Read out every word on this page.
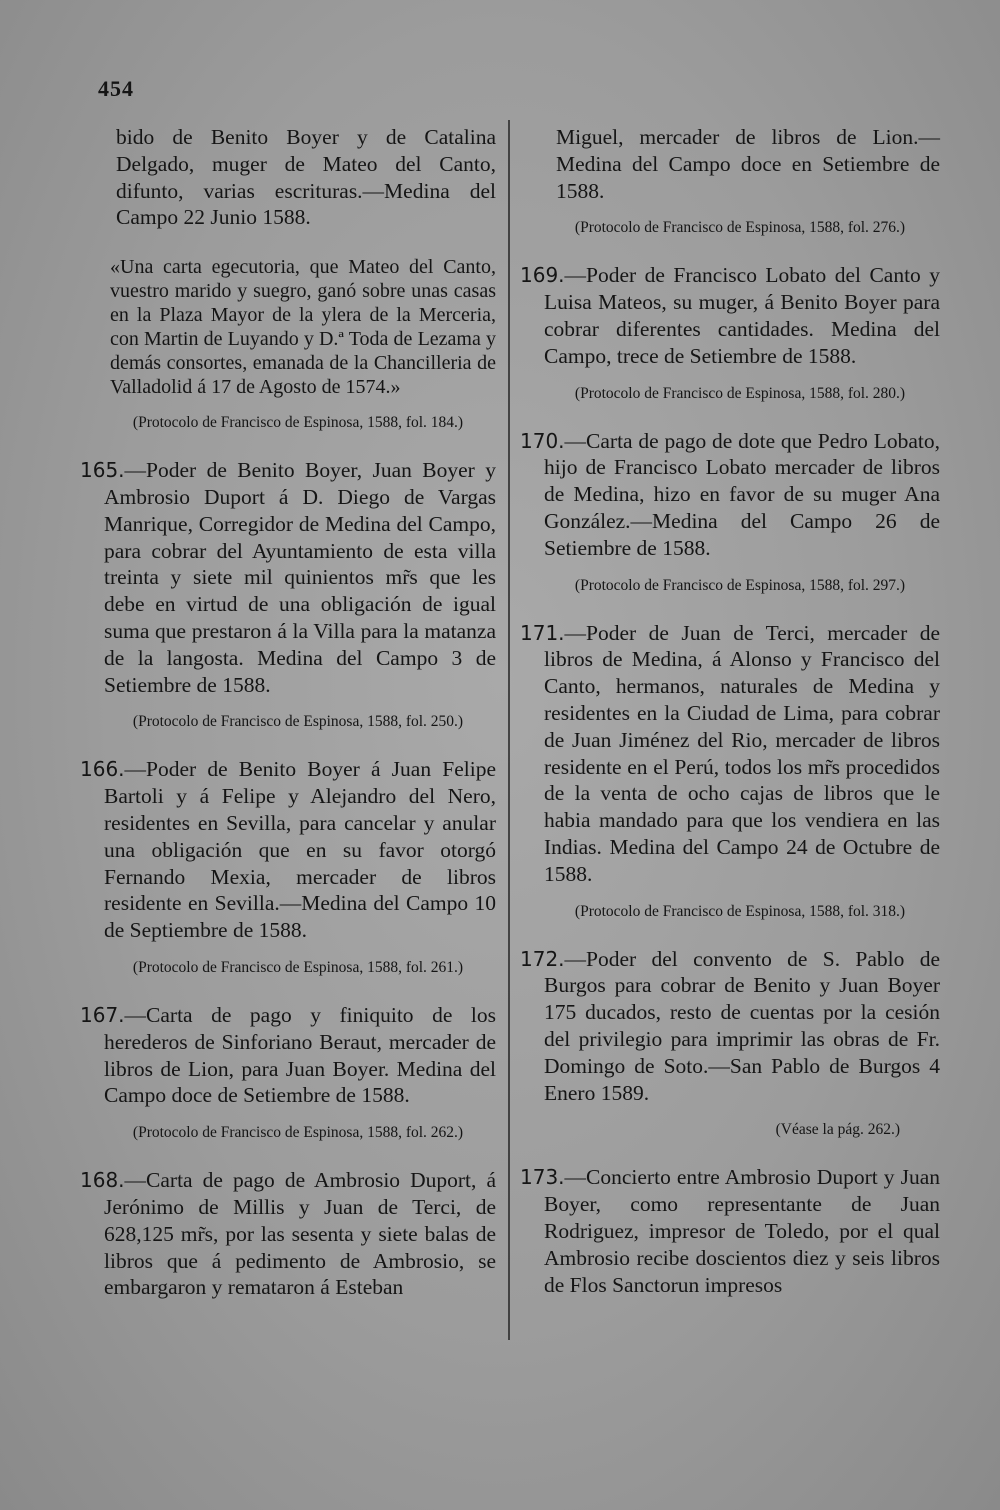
454

bido de Benito Boyer y de Catalina Delgado, muger de Mateo del Canto, difunto, varias escrituras.—Medina del Campo 22 Junio 1588.

«Una carta egecutoria, que Mateo del Canto, vuestro marido y suegro, ganó sobre unas casas en la Plaza Mayor de la ylera de la Merceria, con Martin de Luyando y D.ª Toda de Lezama y demás consortes, emanada de la Chancilleria de Valladolid á 17 de Agosto de 1574.»

(Protocolo de Francisco de Espinosa, 1588, fol. 184.)

165.—Poder de Benito Boyer, Juan Boyer y Ambrosio Duport á D. Diego de Vargas Manrique, Corregidor de Medina del Campo, para cobrar del Ayuntamiento de esta villa treinta y siete mil quinientos mr̃s que les debe en virtud de una obligación de igual suma que prestaron á la Villa para la matanza de la langosta. Medina del Campo 3 de Setiembre de 1588.

(Protocolo de Francisco de Espinosa, 1588, fol. 250.)

166.—Poder de Benito Boyer á Juan Felipe Bartoli y á Felipe y Alejandro del Nero, residentes en Sevilla, para cancelar y anular una obligación que en su favor otorgó Fernando Mexia, mercader de libros residente en Sevilla.—Medina del Campo 10 de Septiembre de 1588.

(Protocolo de Francisco de Espinosa, 1588, fol. 261.)

167.—Carta de pago y finiquito de los herederos de Sinforiano Beraut, mercader de libros de Lion, para Juan Boyer. Medina del Campo doce de Setiembre de 1588.

(Protocolo de Francisco de Espinosa, 1588, fol. 262.)

168.—Carta de pago de Ambrosio Duport, á Jerónimo de Millis y Juan de Terci, de 628,125 mr̃s, por las sesenta y siete balas de libros que á pedimento de Ambrosio, se embargaron y remataron á Esteban

Miguel, mercader de libros de Lion.—Medina del Campo doce en Setiembre de 1588.

(Protocolo de Francisco de Espinosa, 1588, fol. 276.)

169.—Poder de Francisco Lobato del Canto y Luisa Mateos, su muger, á Benito Boyer para cobrar diferentes cantidades. Medina del Campo, trece de Setiembre de 1588.

(Protocolo de Francisco de Espinosa, 1588, fol. 280.)

170.—Carta de pago de dote que Pedro Lobato, hijo de Francisco Lobato mercader de libros de Medina, hizo en favor de su muger Ana González.—Medina del Campo 26 de Setiembre de 1588.

(Protocolo de Francisco de Espinosa, 1588, fol. 297.)

171.—Poder de Juan de Terci, mercader de libros de Medina, á Alonso y Francisco del Canto, hermanos, naturales de Medina y residentes en la Ciudad de Lima, para cobrar de Juan Jiménez del Rio, mercader de libros residente en el Perú, todos los mr̃s procedidos de la venta de ocho cajas de libros que le habia mandado para que los vendiera en las Indias. Medina del Campo 24 de Octubre de 1588.

(Protocolo de Francisco de Espinosa, 1588, fol. 318.)

172.—Poder del convento de S. Pablo de Burgos para cobrar de Benito y Juan Boyer 175 ducados, resto de cuentas por la cesión del privilegio para imprimir las obras de Fr. Domingo de Soto.—San Pablo de Burgos 4 Enero 1589.

(Véase la pág. 262.)

173.—Concierto entre Ambrosio Duport y Juan Boyer, como representante de Juan Rodriguez, impresor de Toledo, por el qual Ambrosio recibe doscientos diez y seis libros de Flos Sanctorun impresos
